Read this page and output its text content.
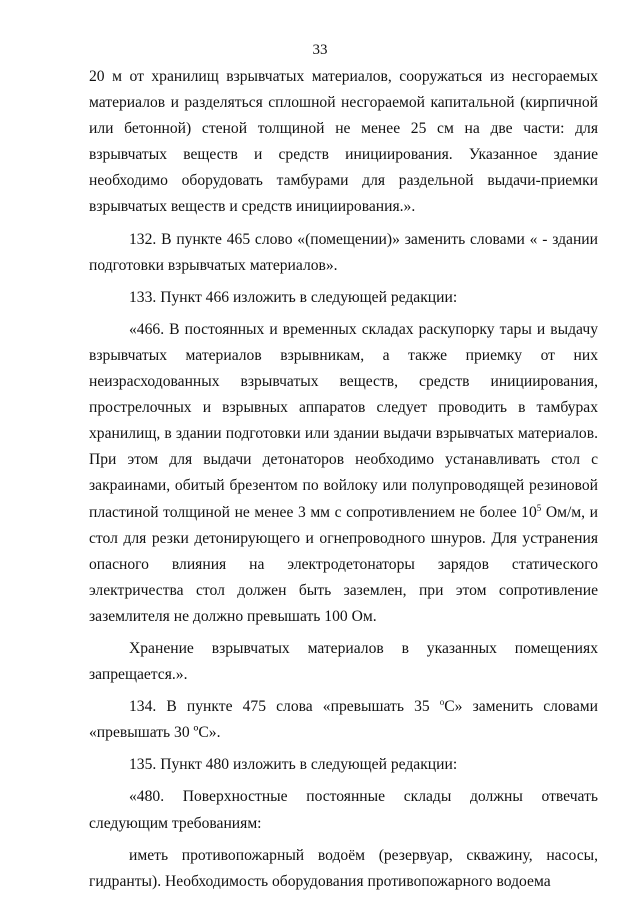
33

20 м от хранилищ взрывчатых материалов, сооружаться из несгораемых материалов и разделяться сплошной несгораемой капитальной (кирпичной или бетонной) стеной толщиной не менее 25 см на две части: для взрывчатых веществ и средств инициирования. Указанное здание необходимо оборудовать тамбурами для раздельной выдачи-приемки взрывчатых веществ и средств инициирования.».

132. В пункте 465 слово «(помещении)» заменить словами « - здании подготовки взрывчатых материалов».

133. Пункт 466 изложить в следующей редакции:

«466. В постоянных и временных складах раскупорку тары и выдачу взрывчатых материалов взрывникам, а также приемку от них неизрасходованных взрывчатых веществ, средств инициирования, прострелочных и взрывных аппаратов следует проводить в тамбурах хранилищ, в здании подготовки или здании выдачи взрывчатых материалов. При этом для выдачи детонаторов необходимо устанавливать стол с закраинами, обитый брезентом по войлоку или полупроводящей резиновой пластиной толщиной не менее 3 мм с сопротивлением не более $10^5$ Ом/м, и стол для резки детонирующего и огнепроводного шнуров. Для устранения опасного влияния на электродетонаторы зарядов статического электричества стол должен быть заземлен, при этом сопротивление заземлителя не должно превышать 100 Ом.

Хранение взрывчатых материалов в указанных помещениях запрещается.».

134. В пункте 475 слова «превышать 35 $^о$С» заменить словами «превышать 30 ºС».

135. Пункт 480 изложить в следующей редакции:

«480. Поверхностные постоянные склады должны отвечать следующим требованиям:

иметь противопожарный водоём (резервуар, скважину, насосы, гидранты). Необходимость оборудования противопожарного водоема
